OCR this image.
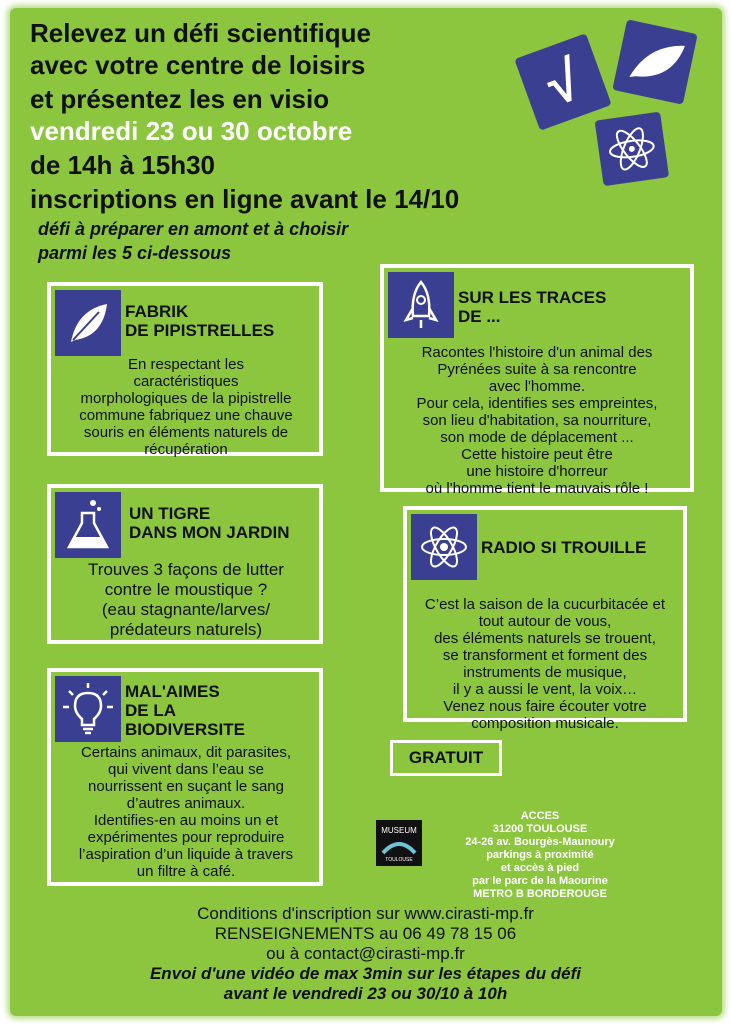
Relevez un défi scientifique
avec votre centre de loisirs
et présentez les en visio
vendredi 23 ou 30 octobre
de 14h à 15h30
inscriptions en ligne avant le 14/10
défi à préparer en amont et à choisir
parmi les 5 ci-dessous
√
FABRIK
DE PIPISTRELLES
En respectant les
caractéristiques
morphologiques de la pipistrelle
commune fabriquez une chauve
souris en éléments naturels de
récupération
SUR LES TRACES
DE ...
Racontes l'histoire d'un animal des
Pyrénées suite à sa rencontre
avec l'homme.
Pour cela, identifies ses empreintes,
son lieu d'habitation, sa nourriture,
son mode de déplacement ...
Cette histoire peut être
une histoire d'horreur
où l'homme tient le mauvais rôle !
UN TIGRE
DANS MON JARDIN
Trouves 3 façons de lutter
contre le moustique ?
(eau stagnante/larves/
prédateurs naturels)
RADIO SI TROUILLE
C’est la saison de la cucurbitacée et
tout autour de vous,
des éléments naturels se trouent,
se transforment et forment des
instruments de musique,
il y a aussi le vent, la voix…
Venez nous faire écouter votre
composition musicale.
MAL'AIMES
DE LA
BIODIVERSITE
Certains animaux, dit parasites,
qui vivent dans l’eau se
nourrissent en suçant le sang
d’autres animaux.
Identifies-en au moins un et
expérimentes pour reproduire
l’aspiration d’un liquide à travers
un filtre à café.
GRATUIT
MUSEUM
TOULOUSE
ACCES
31200 TOULOUSE
24-26 av. Bourgès-Maunoury
parkings à proximité
et accès à pied
par le parc de la Maourine
METRO B BORDEROUGE
Conditions d'inscription sur www.cirasti-mp.fr
RENSEIGNEMENTS au 06 49 78 15 06
ou à contact@cirasti-mp.fr
Envoi d'une vidéo de max 3min sur les étapes du défi
avant le vendredi 23 ou 30/10 à 10h
